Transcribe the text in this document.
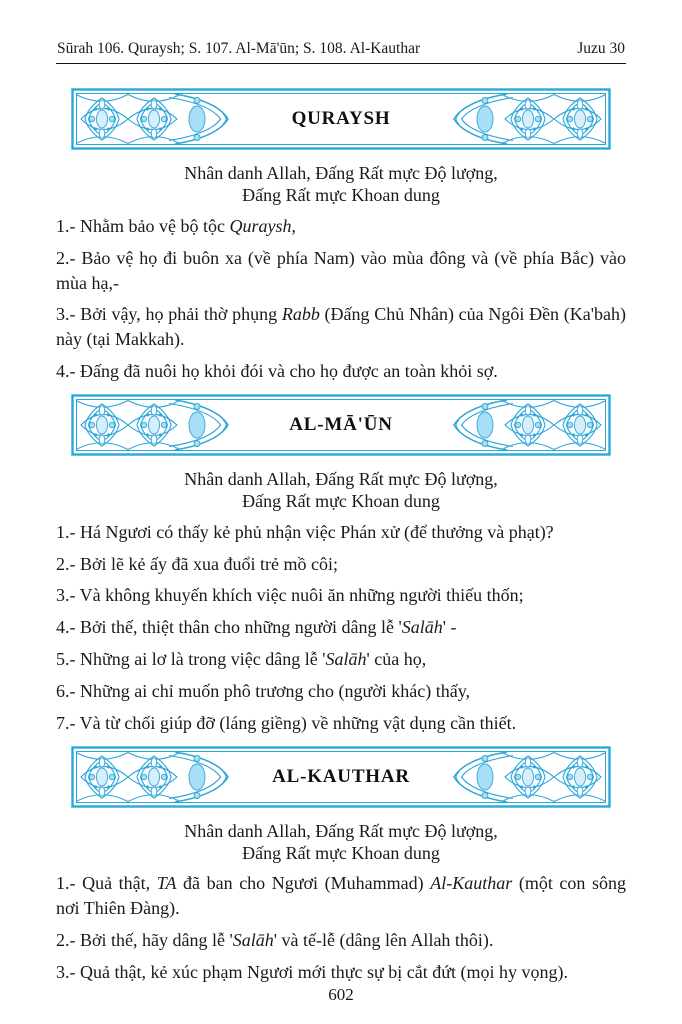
Sūrah 106. Quraysh; S. 107. Al-Mā'ūn; S. 108. Al-Kauthar	Juzu 30
QURAYSH
Nhân danh Allah, Đấng Rất mực Độ lượng,
Đấng Rất mực Khoan dung

1.- Nhằm bảo vệ bộ tộc Quraysh,

2.- Bảo vệ họ đi buôn xa (về phía Nam) vào mùa đông và (về phía Bắc) vào mùa hạ,-

3.- Bởi vậy, họ phải thờ phụng Rabb (Đấng Chủ Nhân) của Ngôi Đền (Ka'bah) này (tại Makkah).

4.- Đấng đã nuôi họ khỏi đói và cho họ được an toàn khỏi sợ.

AL-MĀ'ŪN
Nhân danh Allah, Đấng Rất mực Độ lượng,
Đấng Rất mực Khoan dung

1.- Há Ngươi có thấy kẻ phủ nhận việc Phán xử (để thưởng và phạt)?

2.- Bởi lẽ kẻ ấy đã xua đuổi trẻ mồ côi;

3.- Và không khuyến khích việc nuôi ăn những người thiếu thốn;

4.- Bởi thế, thiệt thân cho những người dâng lễ 'Salāh' -

5.- Những ai lơ là trong việc dâng lễ 'Salāh' của họ,

6.- Những ai chỉ muốn phô trương cho (người khác) thấy,

7.- Và từ chối giúp đỡ (láng giềng) về những vật dụng cần thiết.

AL-KAUTHAR
Nhân danh Allah, Đấng Rất mực Độ lượng,
Đấng Rất mực Khoan dung

1.- Quả thật, TA đã ban cho Ngươi (Muhammad) Al-Kauthar (một con sông nơi Thiên Đàng).

2.- Bởi thế, hãy dâng lễ 'Salāh' và tế-lễ (dâng lên Allah thôi).

3.- Quả thật, kẻ xúc phạm Ngươi mới thực sự bị cắt đứt (mọi hy vọng).

602
